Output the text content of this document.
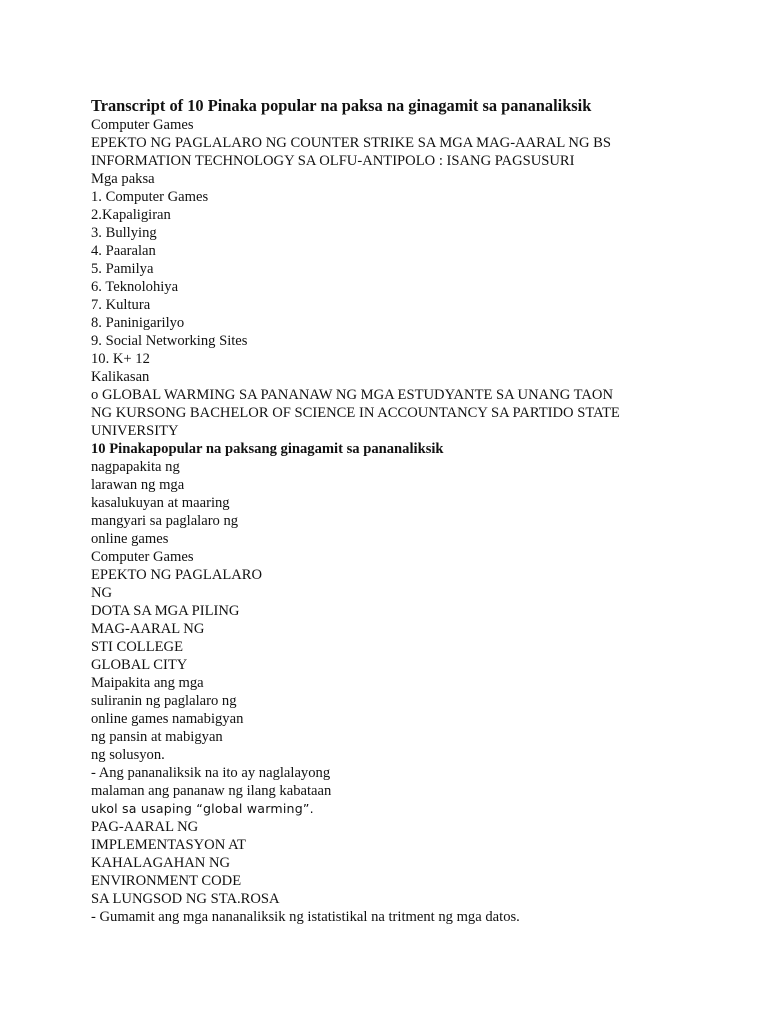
Transcript of 10 Pinaka popular na paksa na ginagamit sa pananaliksik
Computer Games
EPEKTO NG PAGLALARO NG COUNTER STRIKE SA MGA MAG-AARAL NG BS
INFORMATION TECHNOLOGY SA OLFU-ANTIPOLO : ISANG PAGSUSURI
Mga paksa
1. Computer Games
2.Kapaligiran
3. Bullying
4. Paaralan
5. Pamilya
6. Teknolohiya
7. Kultura
8. Paninigarilyo
9. Social Networking Sites
10. K+ 12
Kalikasan
o GLOBAL WARMING SA PANANAW NG MGA ESTUDYANTE SA UNANG TAON
NG KURSONG BACHELOR OF SCIENCE IN ACCOUNTANCY SA PARTIDO STATE
UNIVERSITY
10 Pinakapopular na paksang ginagamit sa pananaliksik
nagpapakita ng
larawan ng mga
kasalukuyan at maaring
mangyari sa paglalaro ng
online games
Computer Games
EPEKTO NG PAGLALARO
NG
DOTA SA MGA PILING
MAG-AARAL NG
STI COLLEGE
GLOBAL CITY
Maipakita ang mga
suliranin ng paglalaro ng
online games namabigyan
ng pansin at mabigyan
ng solusyon.
- Ang pananaliksik na ito ay naglalayong
malaman ang pananaw ng ilang kabataan
ukol sa usaping “global warming”.
PAG-AARAL NG
IMPLEMENTASYON AT
KAHALAGAHAN NG
ENVIRONMENT CODE
SA LUNGSOD NG STA.ROSA
- Gumamit ang mga nananaliksik ng istatistikal na tritment ng mga datos.
